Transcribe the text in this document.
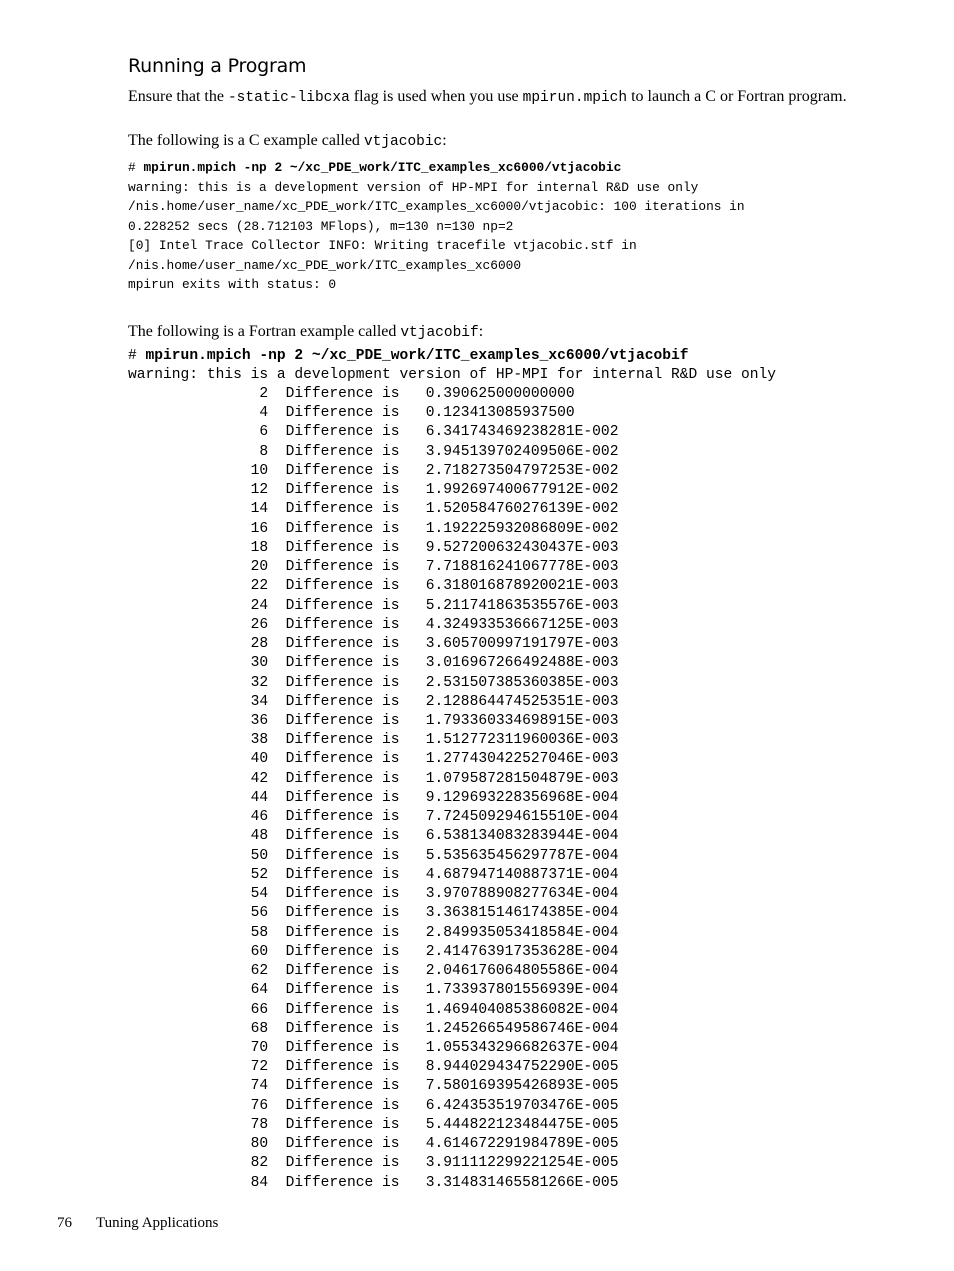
Running a Program

Ensure that the -static-libcxa flag is used when you use mpirun.mpich to launch a C or Fortran program.

The following is a C example called vtjacobic:

# mpirun.mpich -np 2 ~/xc_PDE_work/ITC_examples_xc6000/vtjacobic
warning: this is a development version of HP-MPI for internal R&D use only
/nis.home/user_name/xc_PDE_work/ITC_examples_xc6000/vtjacobic: 100 iterations in
0.228252 secs (28.712103 MFlops), m=130 n=130 np=2
[0] Intel Trace Collector INFO: Writing tracefile vtjacobic.stf in
/nis.home/user_name/xc_PDE_work/ITC_examples_xc6000
mpirun exits with status: 0

The following is a Fortran example called vtjacobif:

# mpirun.mpich -np 2 ~/xc_PDE_work/ITC_examples_xc6000/vtjacobif
warning: this is a development version of HP-MPI for internal R&D use only
2 Difference is 0.390625000000000
4 Difference is 0.123413085937500
6 Difference is 6.341743469238281E-002
8 Difference is 3.945139702409506E-002
10 Difference is 2.718273504797253E-002
12 Difference is 1.992697400677912E-002
14 Difference is 1.520584760276139E-002
16 Difference is 1.192225932086809E-002
18 Difference is 9.527200632430437E-003
20 Difference is 7.718816241067778E-003
22 Difference is 6.318016878920021E-003
24 Difference is 5.211741863535576E-003
26 Difference is 4.324933536667125E-003
28 Difference is 3.605700997191797E-003
30 Difference is 3.016967266492488E-003
32 Difference is 2.531507385360385E-003
34 Difference is 2.128864474525351E-003
36 Difference is 1.793360334698915E-003
38 Difference is 1.512772311960036E-003
40 Difference is 1.277430422527046E-003
42 Difference is 1.079587281504879E-003
44 Difference is 9.129693228356968E-004
46 Difference is 7.724509294615510E-004
48 Difference is 6.538134083283944E-004
50 Difference is 5.535635456297787E-004
52 Difference is 4.687947140887371E-004
54 Difference is 3.970788908277634E-004
56 Difference is 3.363815146174385E-004
58 Difference is 2.849935053418584E-004
60 Difference is 2.414763917353628E-004
62 Difference is 2.046176064805586E-004
64 Difference is 1.733937801556939E-004
66 Difference is 1.469404085386082E-004
68 Difference is 1.245266549586746E-004
70 Difference is 1.055343296682637E-004
72 Difference is 8.944029434752290E-005
74 Difference is 7.580169395426893E-005
76 Difference is 6.424353519703476E-005
78 Difference is 5.444822123484475E-005
80 Difference is 4.614672291984789E-005
82 Difference is 3.911112299221254E-005
84 Difference is 3.314831465581266E-005
76 Tuning Applications
